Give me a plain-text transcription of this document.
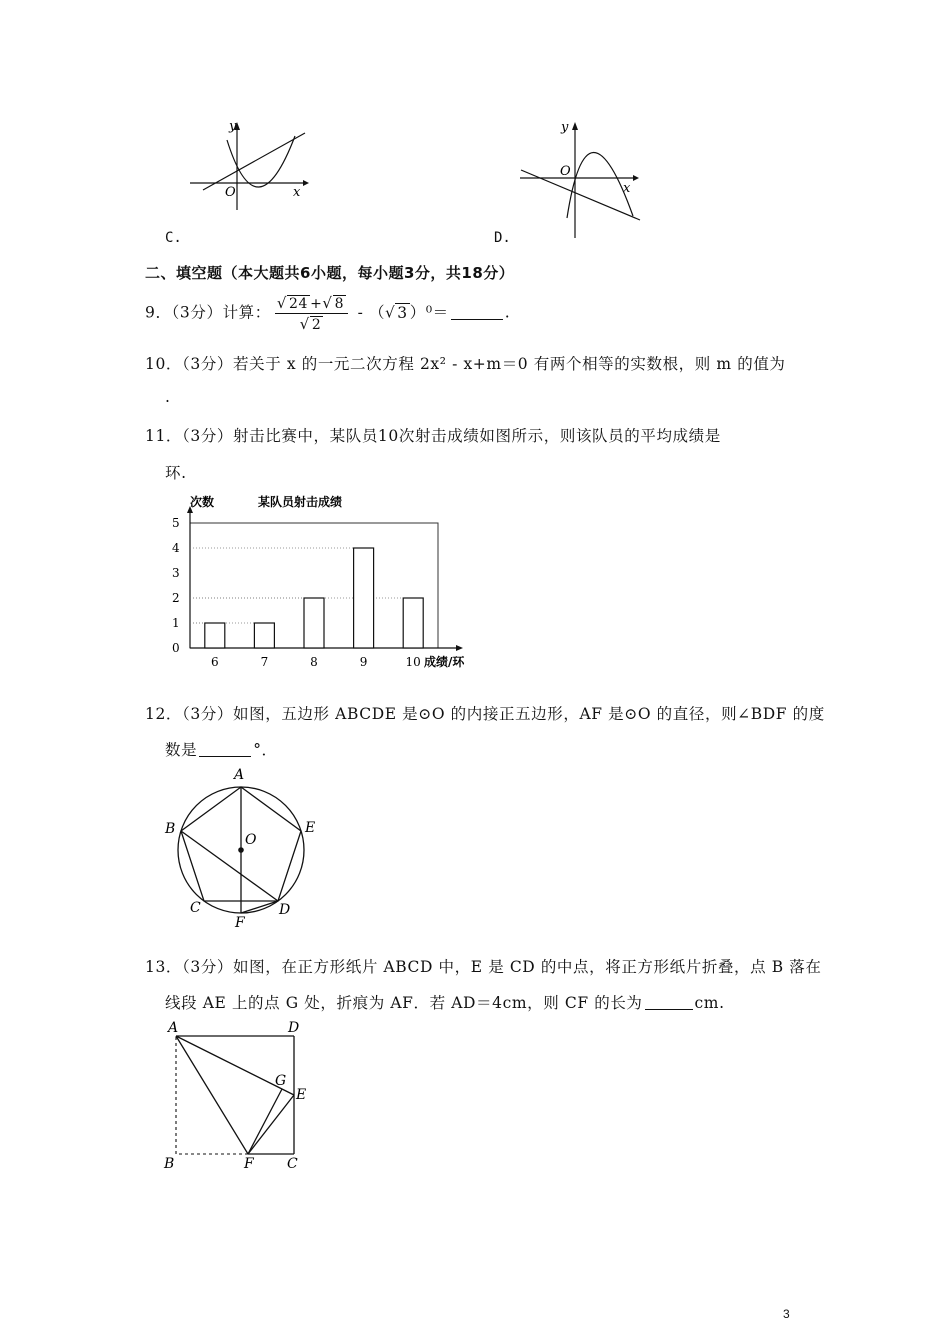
y
O	x
C.
y
O
x
D.
二、填空题（本大题共6小题，每小题3分，共18分）
9．（3分）计算： $\frac{√ 24 +√ 8}{√ 2}$ - （√ 3 ）⁰＝	.
10．（3分）若关于 x 的一元二次方程 2x² - x+m＝0 有两个相等的实数根，则 m 的值为
.
11．（3分）射击比赛中，某队员10次射击成绩如图所示，则该队员的平均成绩是
环.
次数	某队员射击成绩
成绩/环
0
1
2
3
4
5
6	7	8	9	10
12．（3分）如图，五边形 ABCDE 是⊙O 的内接正五边形，AF 是⊙O 的直径，则∠BDF 的度
数是	°．
A
B	E
O
C	D
F
13．（3分）如图，在正方形纸片 ABCD 中，E 是 CD 的中点，将正方形纸片折叠，点 B 落在
线段 AE 上的点 G 处，折痕为 AF．若 AD＝4cm，则 CF 的长为	cm.
A	D
G
E
B	F C
3
